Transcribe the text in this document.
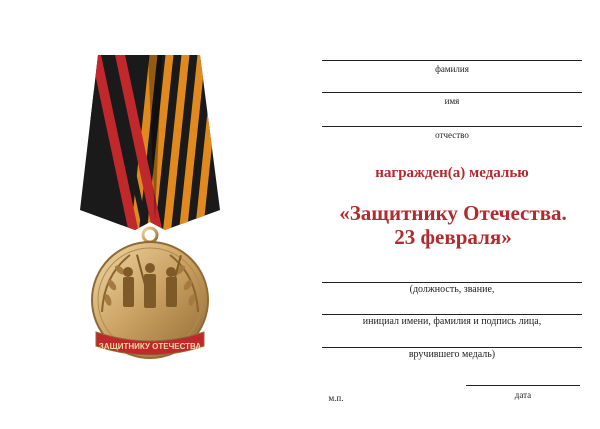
ЗАЩИТНИКУ ОТЕЧЕСТВА
фамилия
имя
отчество
награжден(а) медалью
«Защитнику Отечества.
23 февраля»
(должность, звание,
инициал имени, фамилия и подпись лица,
вручившего медаль)
м.п.	дата
